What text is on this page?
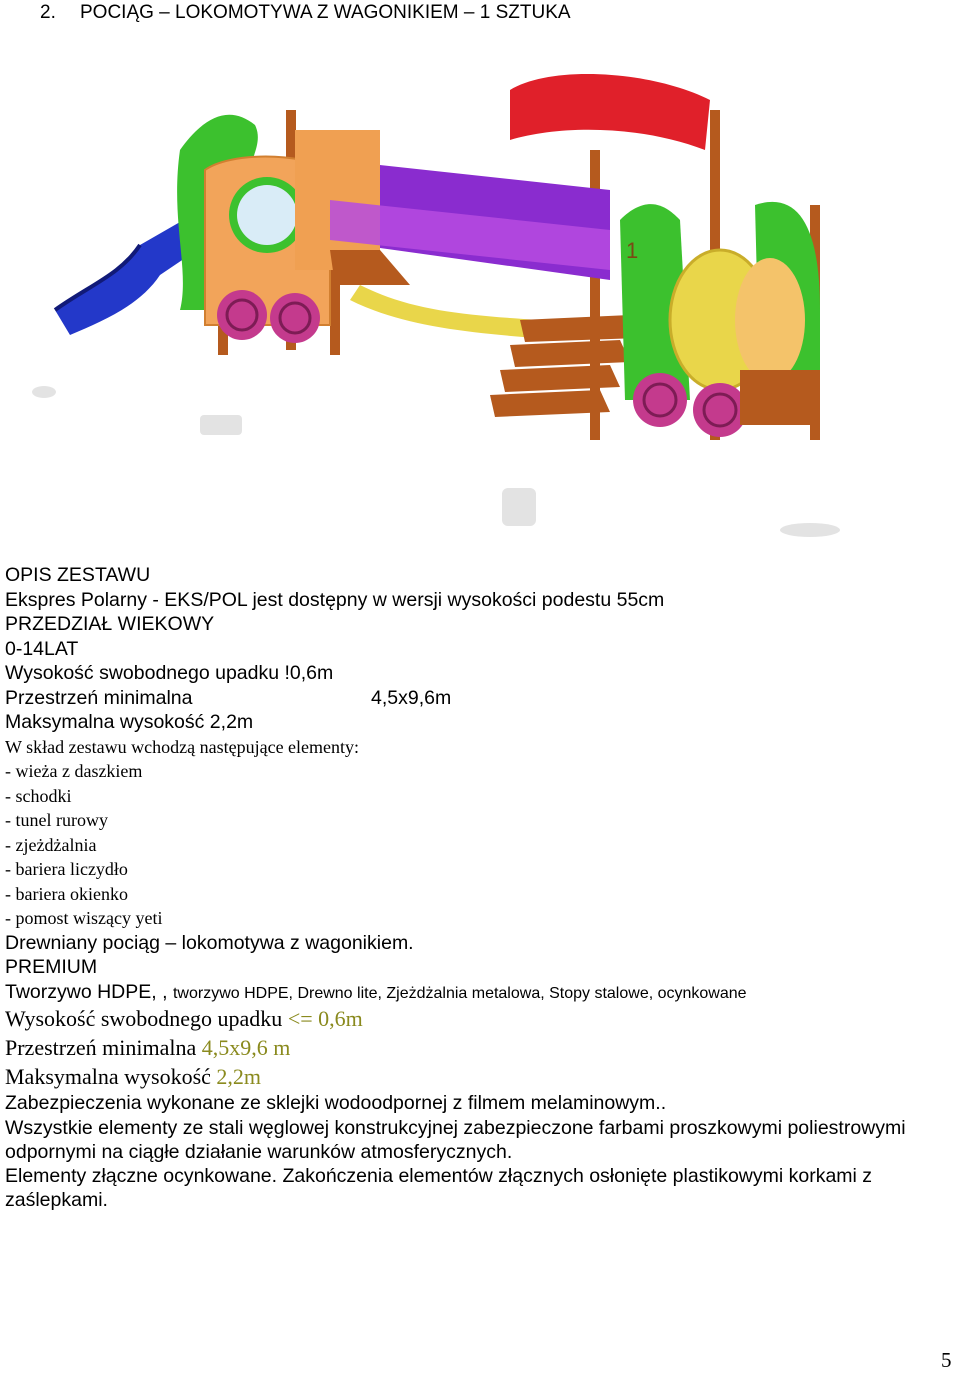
2. POCIĄG – LOKOMOTYWA Z WAGONIKIEM – 1 SZTUKA
1
OPIS ZESTAWU
Ekspres Polarny - EKS/POL jest dostępny w wersji wysokości podestu 55cm
PRZEDZIAŁ WIEKOWY
0-14LAT
Wysokość swobodnego upadku !0,6m
Przestrzeń minimalna	4,5x9,6m
Maksymalna wysokość 2,2m
W skład zestawu wchodzą następujące elementy:
- wieża z daszkiem
- schodki
- tunel rurowy
- zjeżdżalnia
- bariera liczydło
- bariera okienko
- pomost wiszący yeti
Drewniany pociąg – lokomotywa z wagonikiem.
PREMIUM
Tworzywo HDPE, , tworzywo HDPE, Drewno lite, Zjeżdżalnia metalowa, Stopy stalowe, ocynkowane
Wysokość swobodnego upadku <= 0,6m
Przestrzeń minimalna 4,5x9,6 m
Maksymalna wysokość 2,2m
Zabezpieczenia wykonane ze sklejki wodoodpornej z filmem melaminowym..
Wszystkie elementy ze stali węglowej konstrukcyjnej zabezpieczone farbami proszkowymi poliestrowymi odpornymi na ciągłe działanie warunków atmosferycznych.
Elementy złączne ocynkowane. Zakończenia elementów złącznych osłonięte plastikowymi korkami z zaślepkami.
5
